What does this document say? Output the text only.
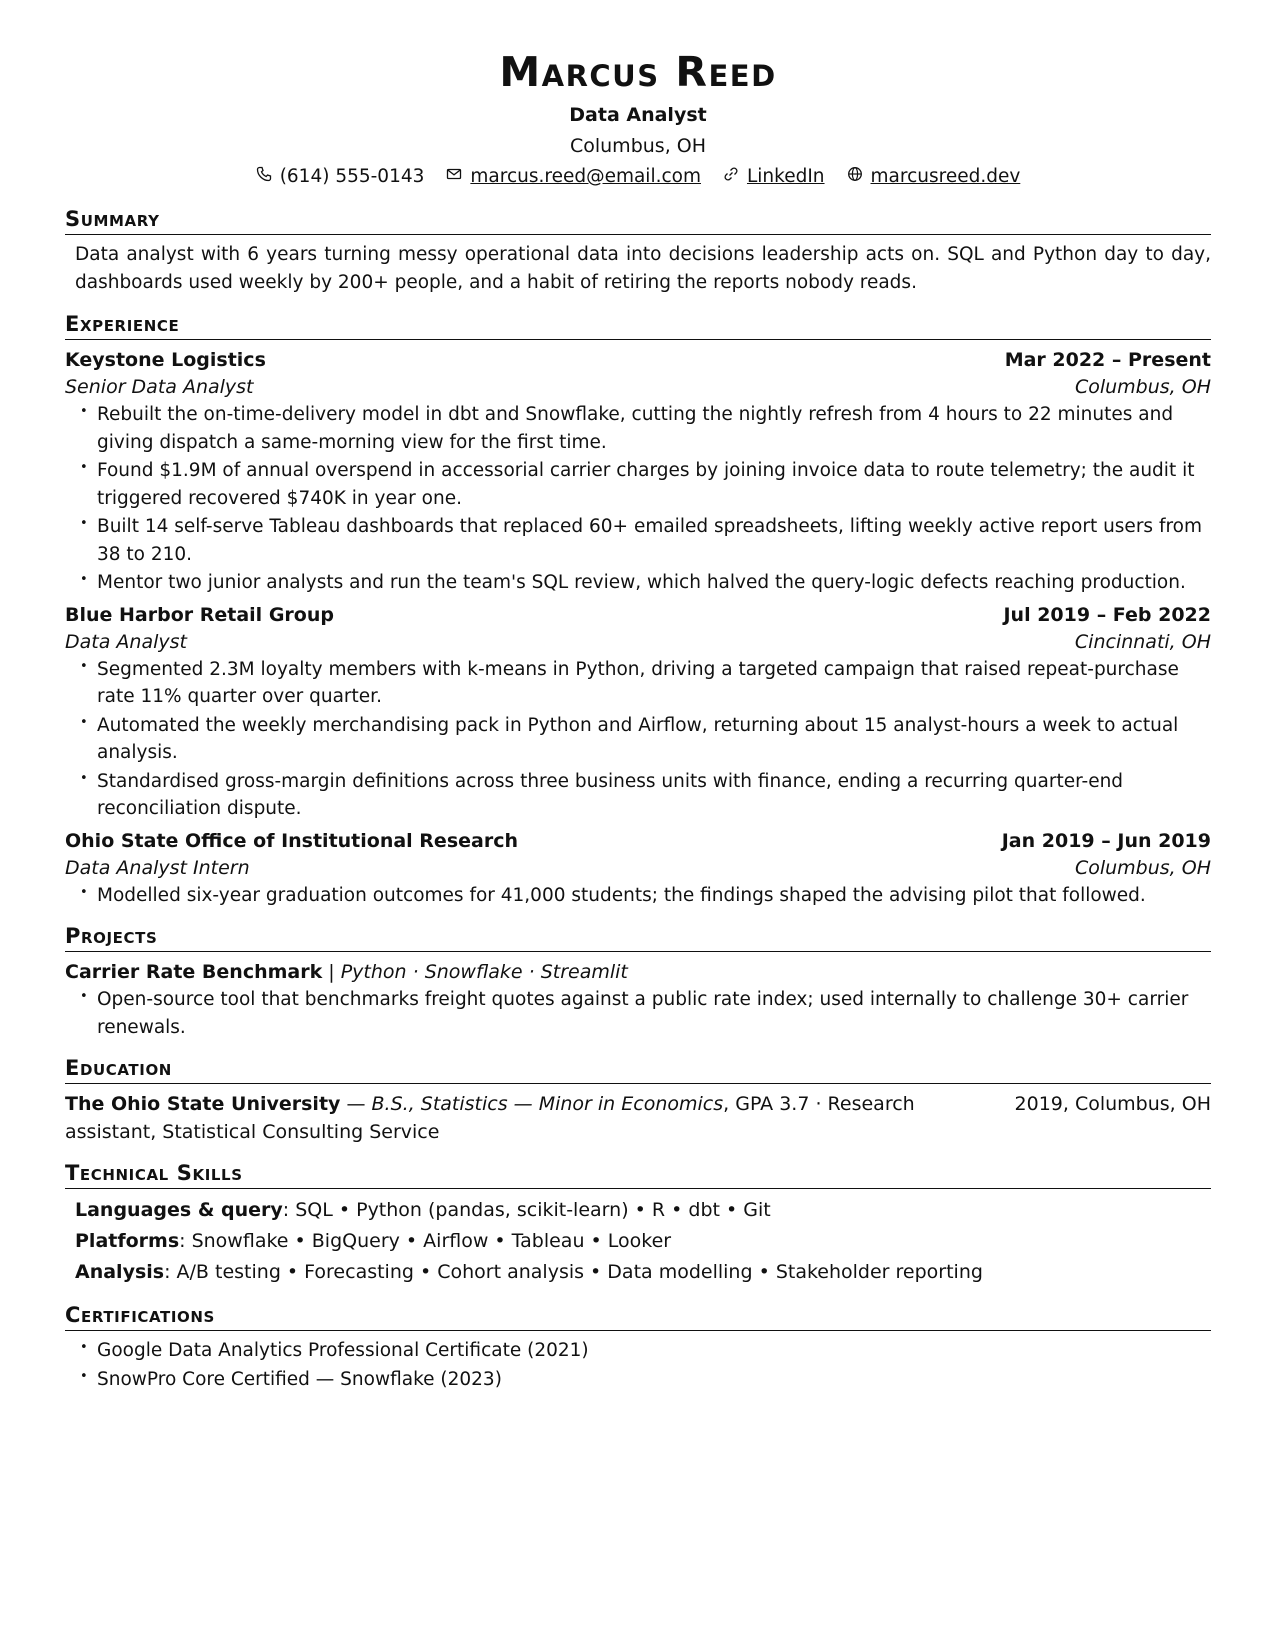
Marcus Reed
Data Analyst
Columbus, OH
(614) 555-0143 marcus.reed@email.com LinkedIn marcusreed.dev
Summary
Data analyst with 6 years turning messy operational data into decisions leadership acts on. SQL and Python day to day, dashboards used weekly by 200+ people, and a habit of retiring the reports nobody reads.
Experience
Keystone Logistics	Mar 2022 – Present
Senior Data Analyst	Columbus, OH
• Rebuilt the on-time-delivery model in dbt and Snowflake, cutting the nightly refresh from 4 hours to 22 minutes and giving dispatch a same-morning view for the first time.
• Found $1.9M of annual overspend in accessorial carrier charges by joining invoice data to route telemetry; the audit it triggered recovered $740K in year one.
• Built 14 self-serve Tableau dashboards that replaced 60+ emailed spreadsheets, lifting weekly active report users from 38 to 210.
• Mentor two junior analysts and run the team's SQL review, which halved the query-logic defects reaching production.
Blue Harbor Retail Group	Jul 2019 – Feb 2022
Data Analyst	Cincinnati, OH
• Segmented 2.3M loyalty members with k-means in Python, driving a targeted campaign that raised repeat-purchase rate 11% quarter over quarter.
• Automated the weekly merchandising pack in Python and Airflow, returning about 15 analyst-hours a week to actual analysis.
• Standardised gross-margin definitions across three business units with finance, ending a recurring quarter-end reconciliation dispute.
Ohio State Office of Institutional Research	Jan 2019 – Jun 2019
Data Analyst Intern	Columbus, OH
• Modelled six-year graduation outcomes for 41,000 students; the findings shaped the advising pilot that followed.
Projects
Carrier Rate Benchmark | Python · Snowflake · Streamlit
• Open-source tool that benchmarks freight quotes against a public rate index; used internally to challenge 30+ carrier renewals.
Education
The Ohio State University — B.S., Statistics — Minor in Economics, GPA 3.7 · Research assistant, Statistical Consulting Service
2019, Columbus, OH
Technical Skills
Languages & query: SQL • Python (pandas, scikit-learn) • R • dbt • Git
Platforms: Snowflake • BigQuery • Airflow • Tableau • Looker
Analysis: A/B testing • Forecasting • Cohort analysis • Data modelling • Stakeholder reporting
Certifications
• Google Data Analytics Professional Certificate (2021)
• SnowPro Core Certified — Snowflake (2023)
